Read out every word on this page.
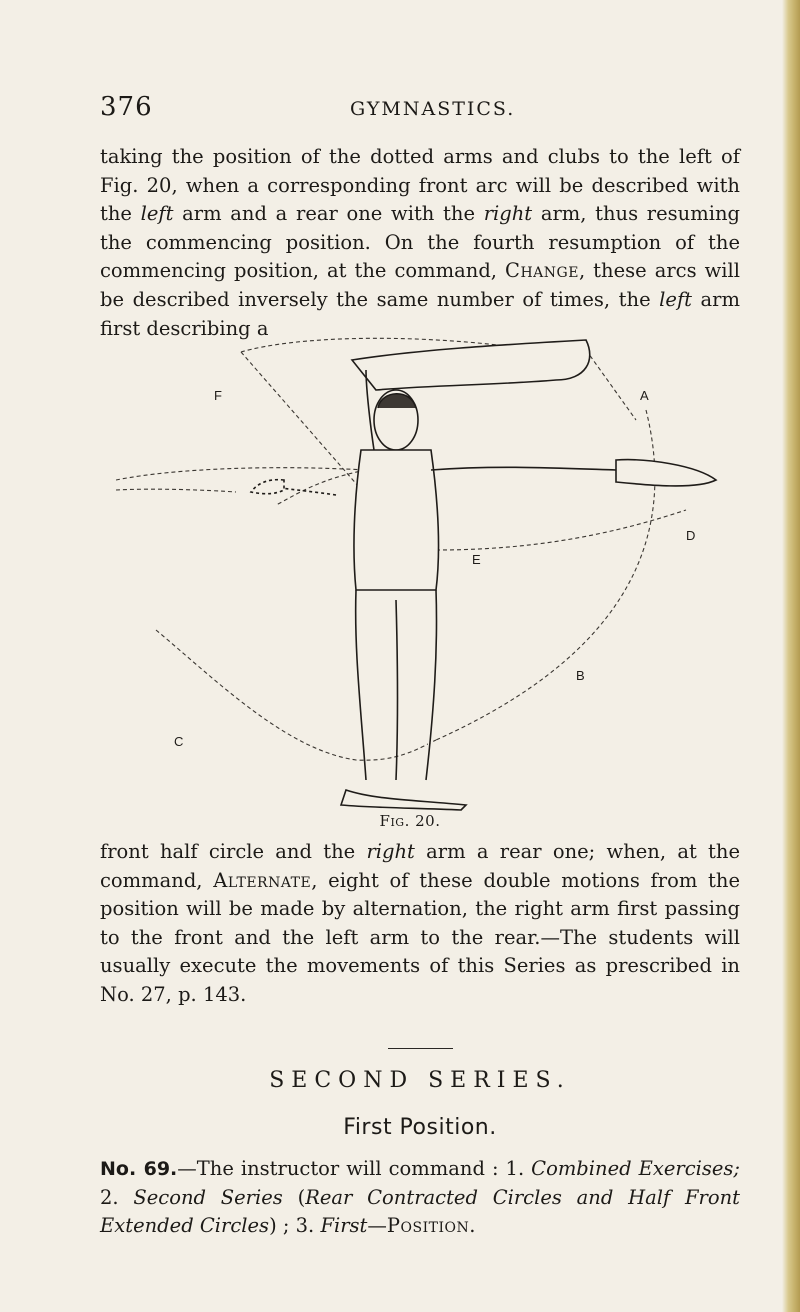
376	GYMNASTICS.

taking the position of the dotted arms and clubs to the left of Fig. 20, when a corresponding front arc will be described with the left arm and a rear one with the right arm, thus resuming the commencing position. On the fourth resumption of the commencing position, at the command, Change, these arcs will be described inversely the same number of times, the left arm first describing a

F	A
D
E
B
C
Fig. 20.

front half circle and the right arm a rear one; when, at the command, Alternate, eight of these double motions from the position will be made by alternation, the right arm first passing to the front and the left arm to the rear.—The students will usually execute the movements of this Series as prescribed in No. 27, p. 143.

SECOND SERIES.
First Position.

No. 69.—The instructor will command : 1. Combined Exercises; 2. Second Series (Rear Contracted Circles and Half Front Extended Circles) ; 3. First—Position.
